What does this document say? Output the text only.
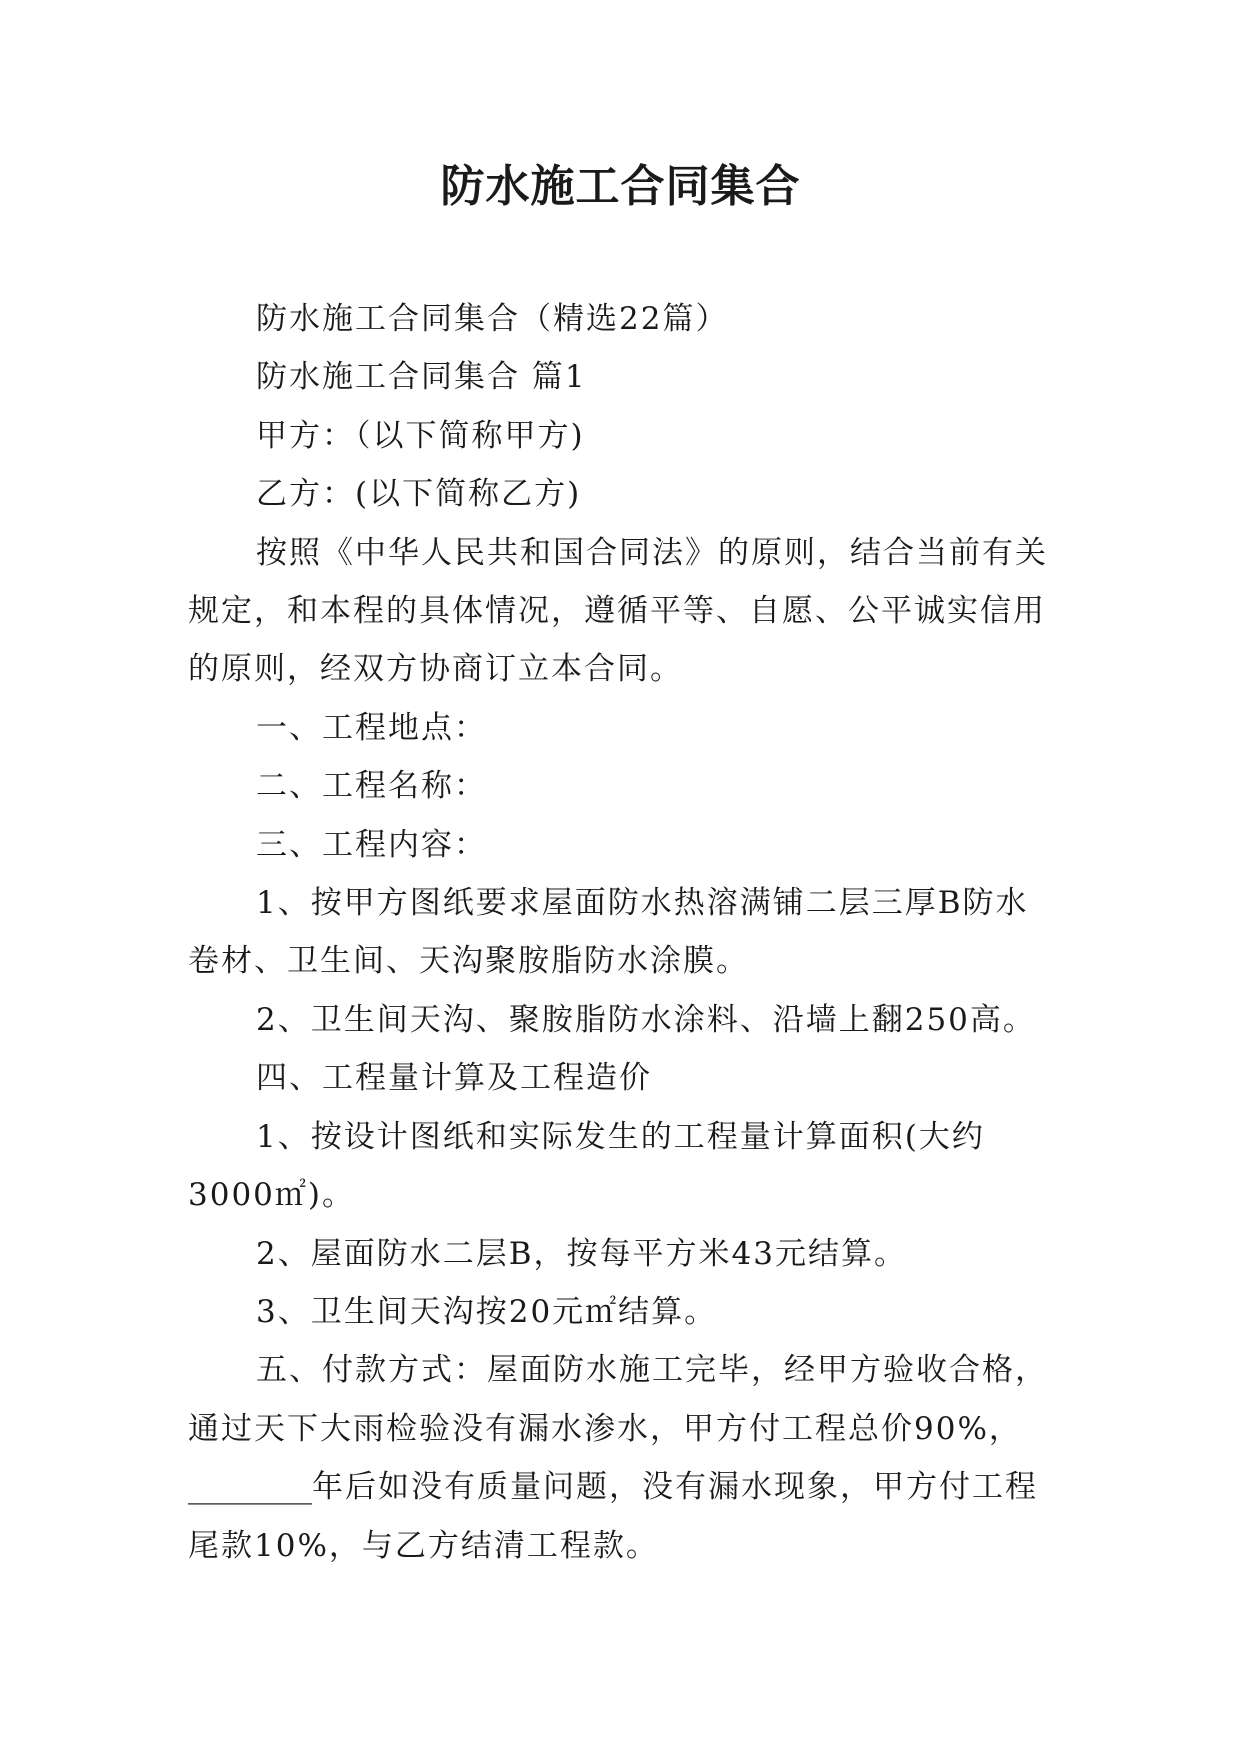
防水施工合同集合

防水施工合同集合（精选22篇）

防水施工合同集合 篇1

甲方：（以下简称甲方)

乙方：(以下简称乙方)

按照《中华人民共和国合同法》的原则，结合当前有关规定，和本程的具体情况，遵循平等、自愿、公平诚实信用的原则，经双方协商订立本合同。

一、工程地点：

二、工程名称：

三、工程内容：

1、按甲方图纸要求屋面防水热溶满铺二层三厚B防水卷材、卫生间、天沟聚胺脂防水涂膜。

2、卫生间天沟、聚胺脂防水涂料、沿墙上翻250高。

四、工程量计算及工程造价

1、按设计图纸和实际发生的工程量计算面积(大约3000㎡)。

2、屋面防水二层B，按每平方米43元结算。

3、卫生间天沟按20元㎡结算。

五、付款方式：屋面防水施工完毕，经甲方验收合格，通过天下大雨检验没有漏水渗水，甲方付工程总价90%，

________年后如没有质量问题，没有漏水现象，甲方付工程尾款10%，与乙方结清工程款。
